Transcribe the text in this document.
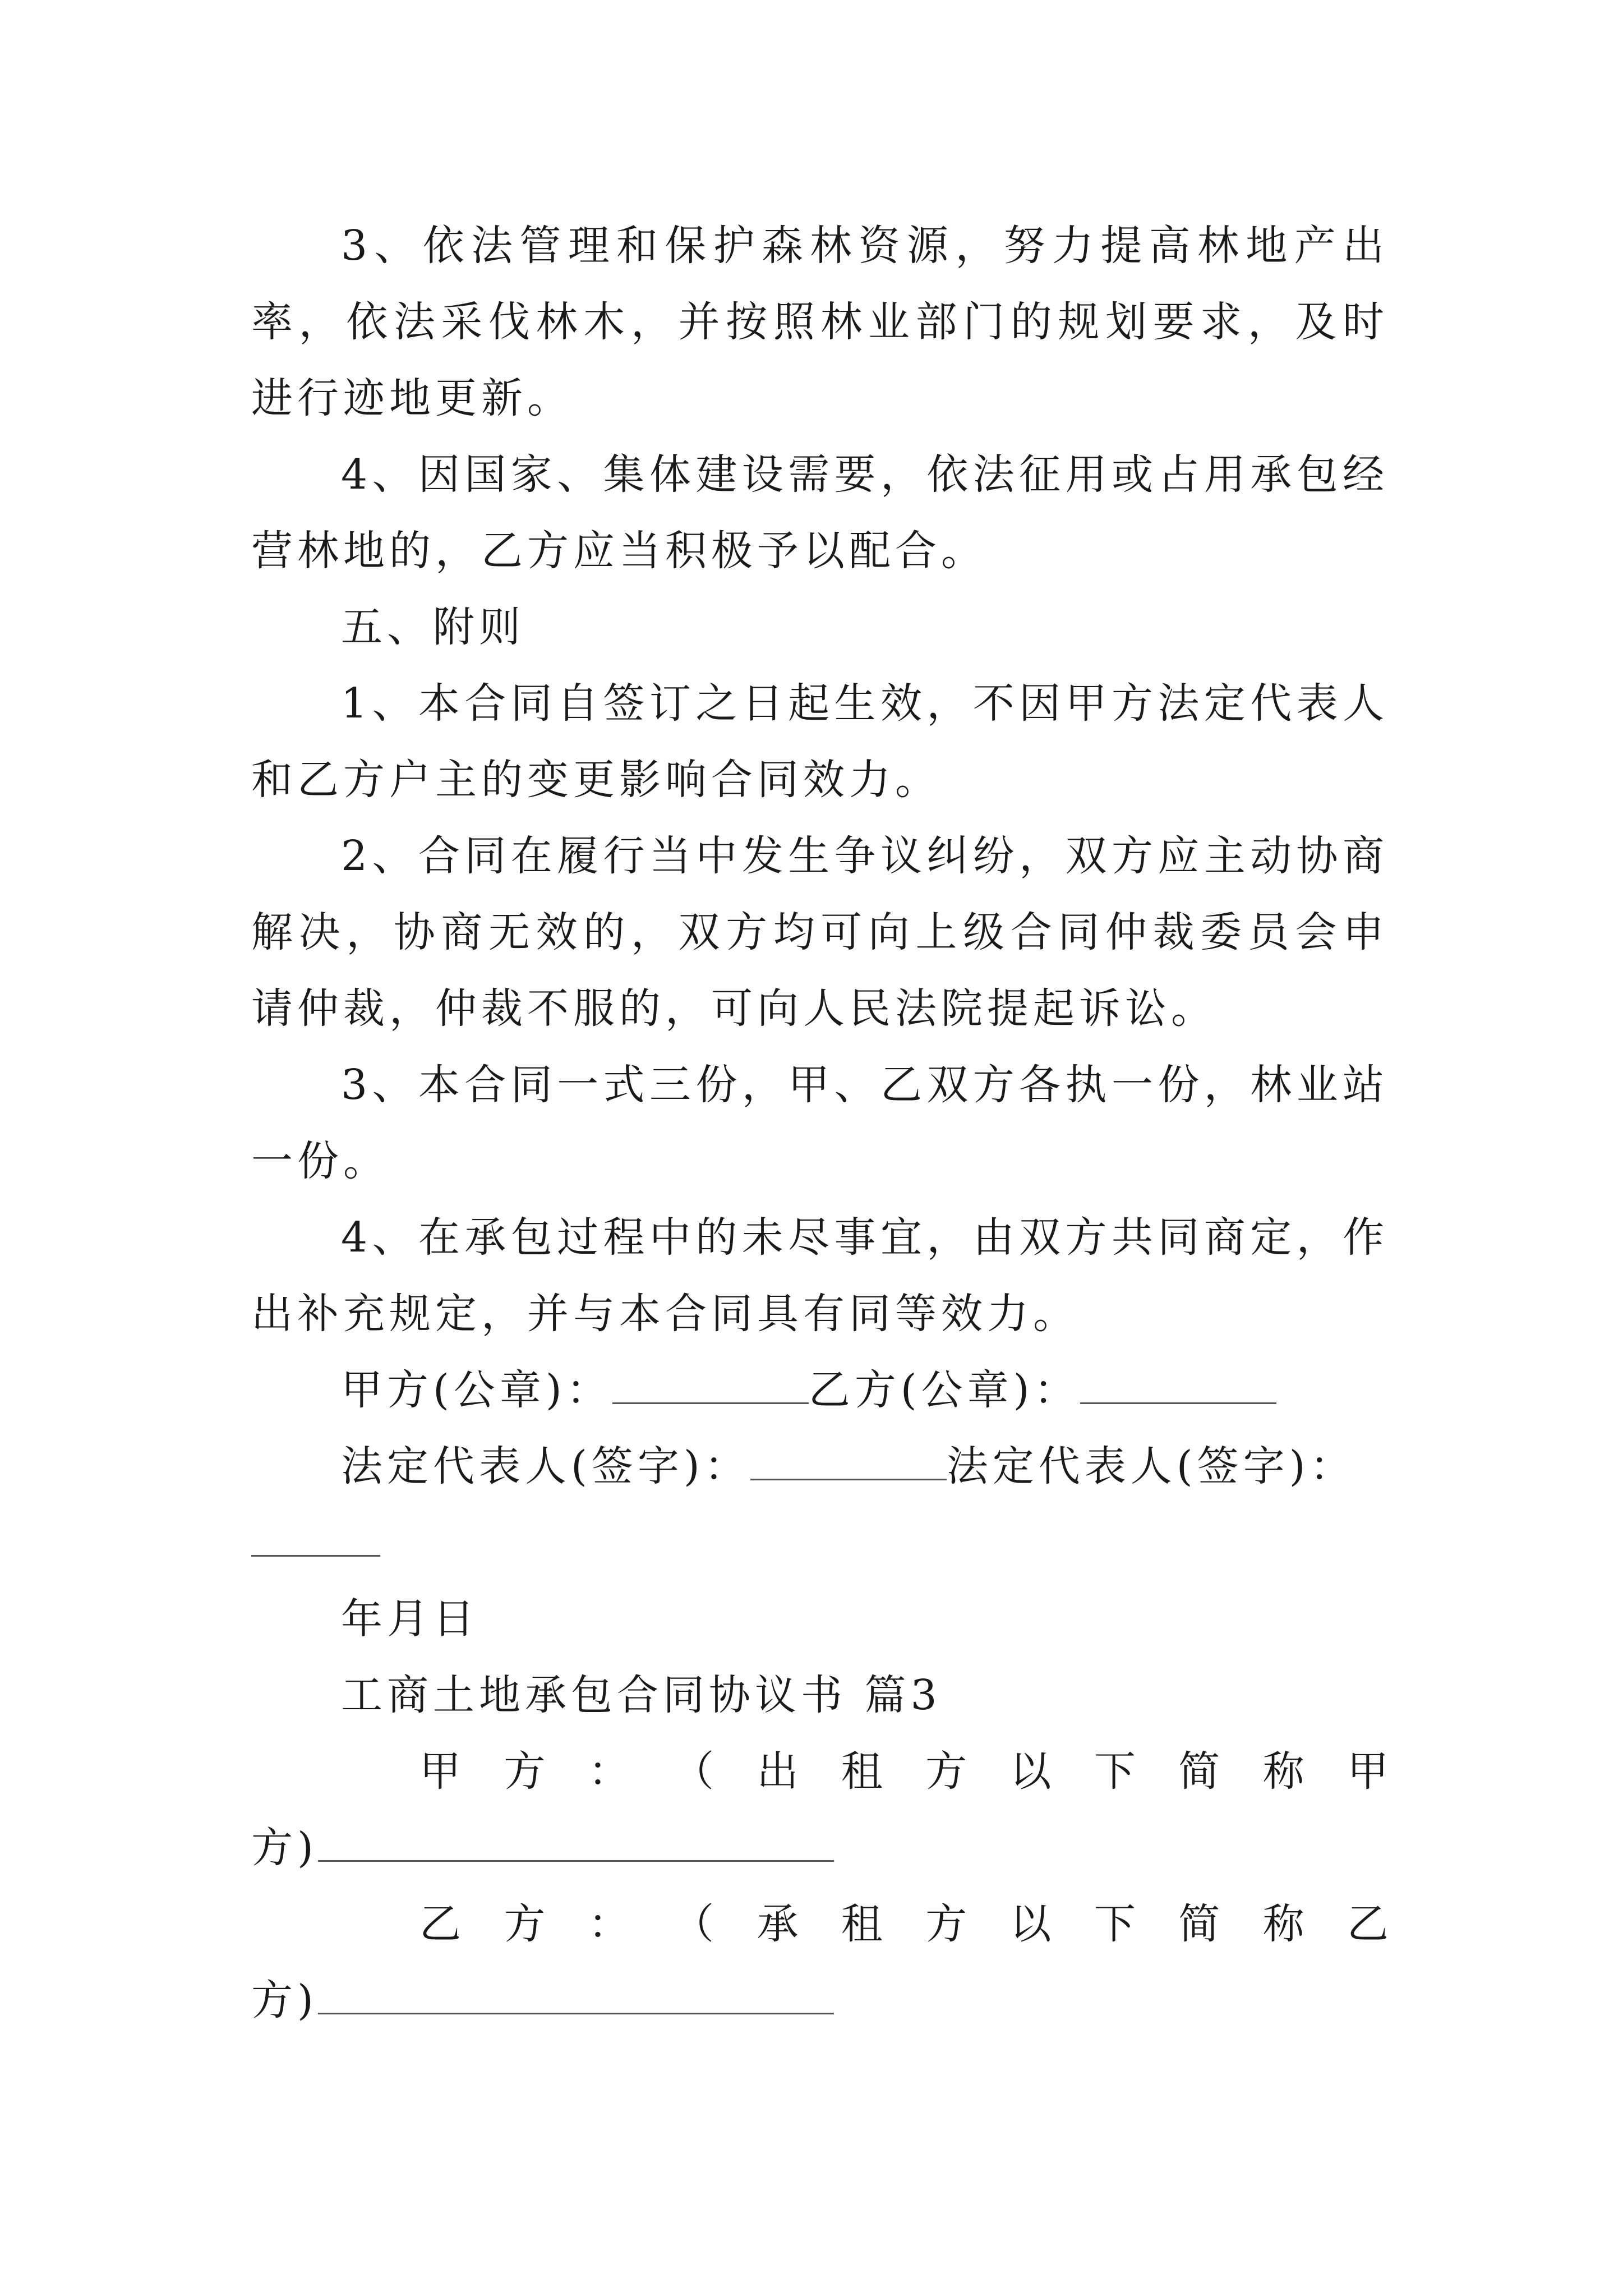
3、依法管理和保护森林资源，努力提高林地产出率，依法采伐林木，并按照林业部门的规划要求，及时进行迹地更新。

4、因国家、集体建设需要，依法征用或占用承包经营林地的，乙方应当积极予以配合。

五、附则

1、本合同自签订之日起生效，不因甲方法定代表人和乙方户主的变更影响合同效力。

2、合同在履行当中发生争议纠纷，双方应主动协商解决，协商无效的，双方均可向上级合同仲裁委员会申请仲裁，仲裁不服的，可向人民法院提起诉讼。

3、本合同一式三份，甲、乙双方各执一份，林业站一份。

4、在承包过程中的未尽事宜，由双方共同商定，作出补充规定，并与本合同具有同等效力。

甲方(公章)：	乙方(公章)：
法定代表人(签字)：	法定代表人(签字)：

年月日

工商土地承包合同协议书 篇3

甲 方 ： （ 出 租 方 以 下 简 称 甲
方)
乙 方 ： （ 承 租 方 以 下 简 称 乙
方)
